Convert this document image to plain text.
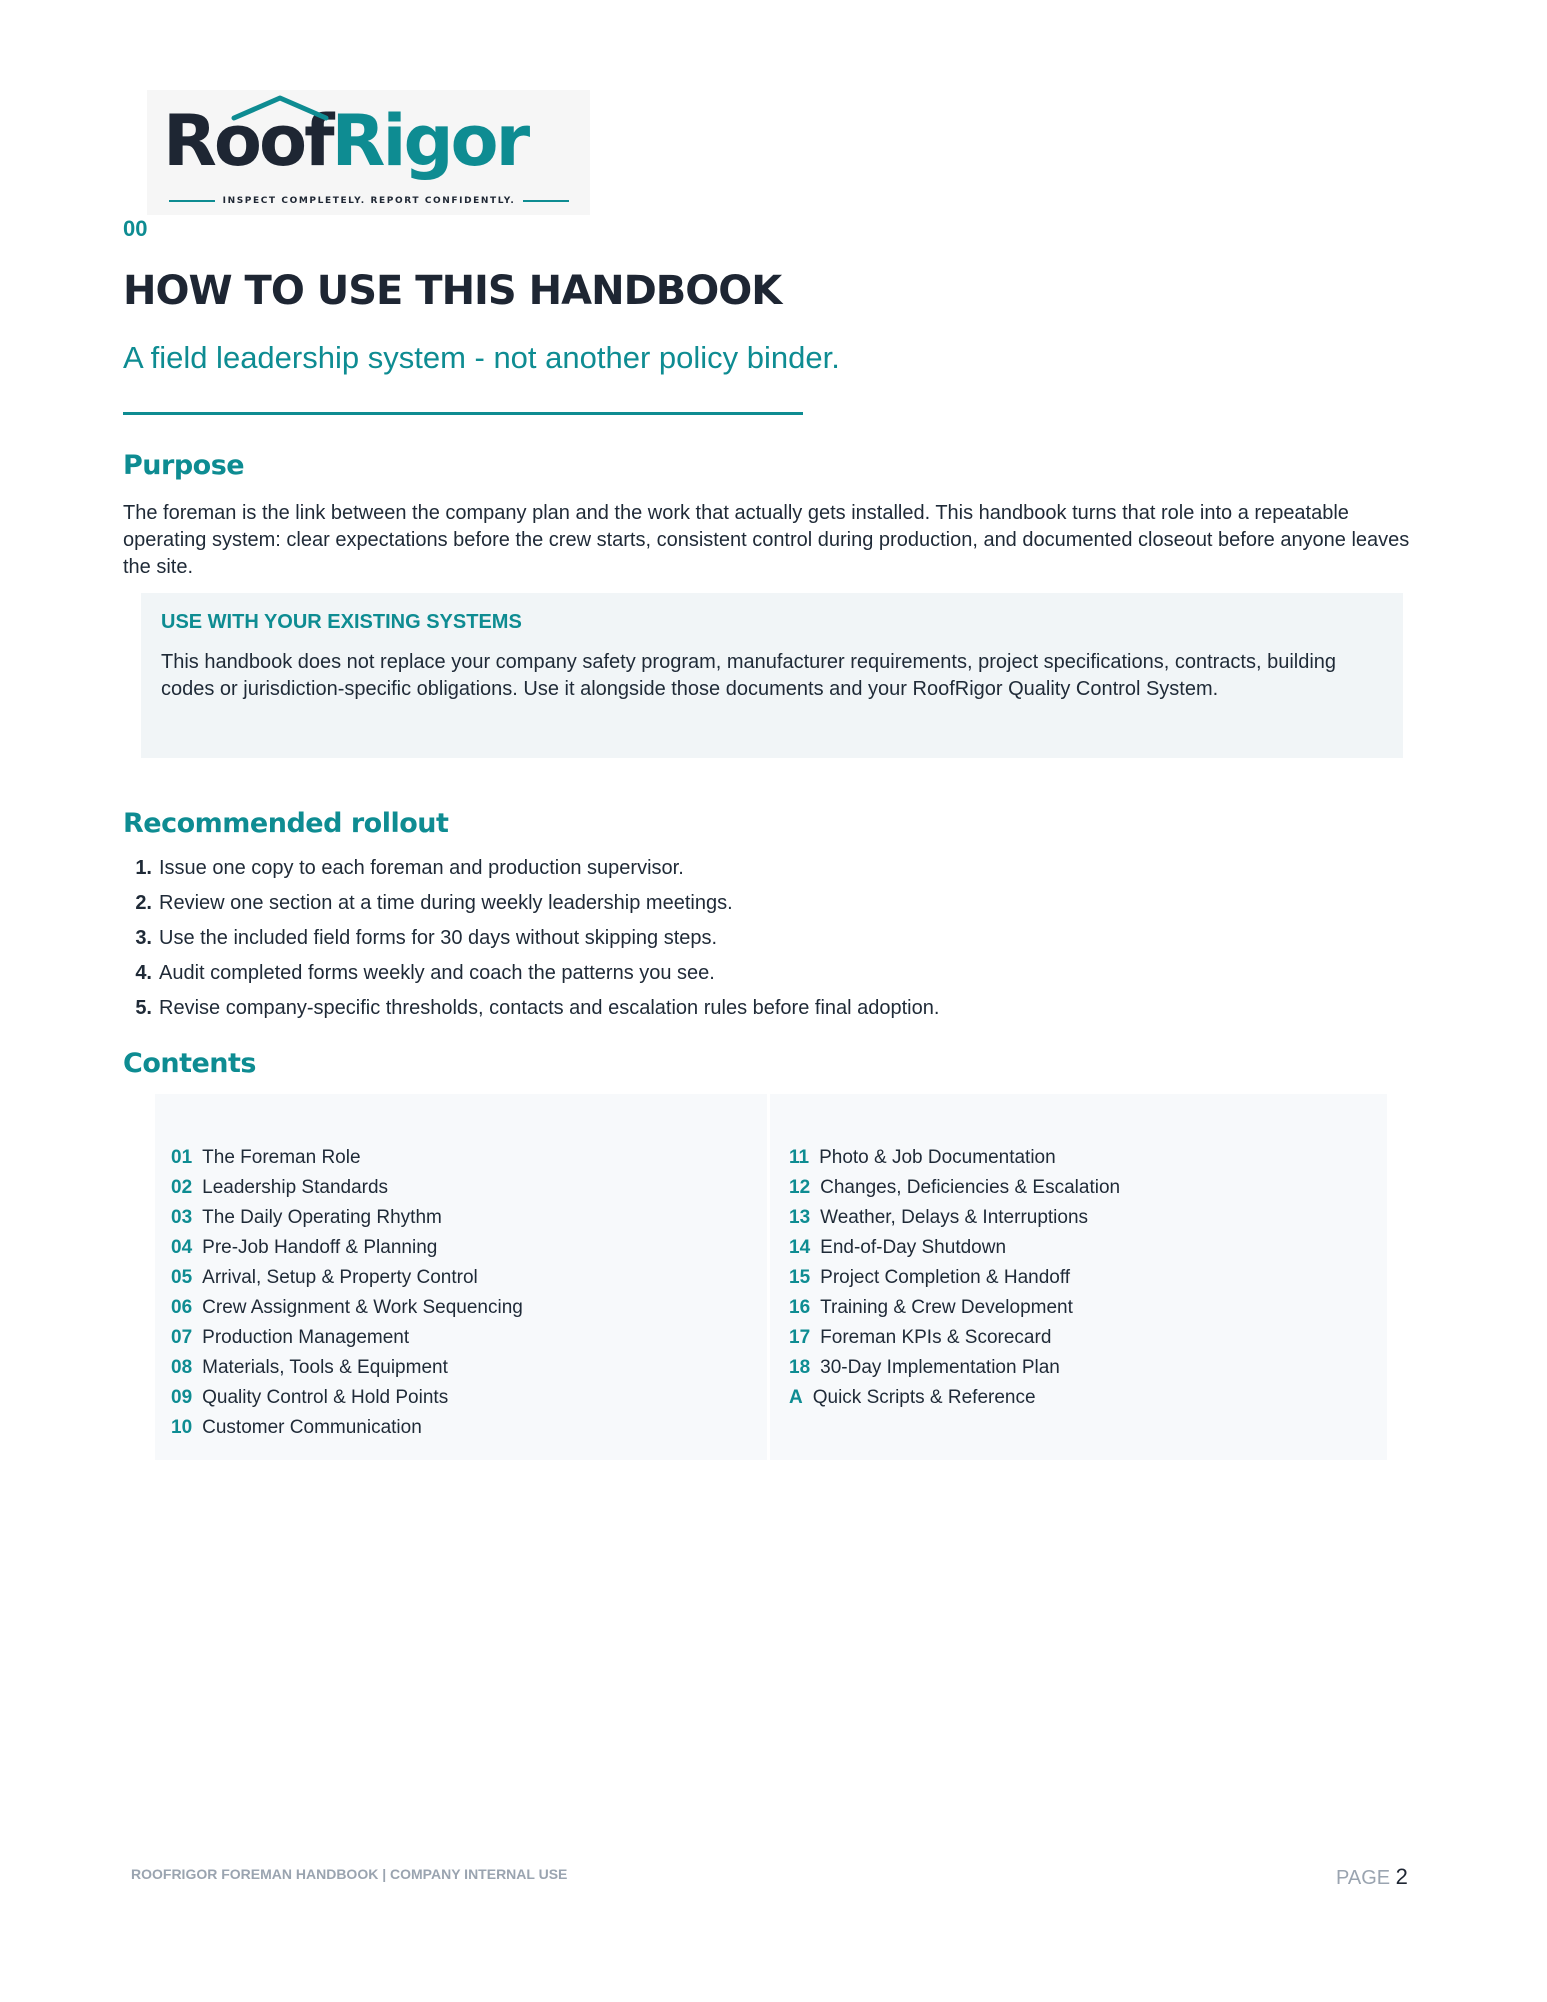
RoofRigor
INSPECT COMPLETELY. REPORT CONFIDENTLY.
00
HOW TO USE THIS HANDBOOK
A field leadership system - not another policy binder.
Purpose

The foreman is the link between the company plan and the work that actually gets installed. This handbook turns that role into a repeatable operating system: clear expectations before the crew starts, consistent control during production, and documented closeout before anyone leaves the site.

USE WITH YOUR EXISTING SYSTEMS

This handbook does not replace your company safety program, manufacturer requirements, project specifications, contracts, building codes or jurisdiction-specific obligations. Use it alongside those documents and your RoofRigor Quality Control System.

Recommended rollout
1. Issue one copy to each foreman and production supervisor.
2. Review one section at a time during weekly leadership meetings.
3. Use the included field forms for 30 days without skipping steps.
4. Audit completed forms weekly and coach the patterns you see.
5. Revise company-specific thresholds, contacts and escalation rules before final adoption.
Contents
01 The Foreman Role
02 Leadership Standards
03 The Daily Operating Rhythm
04 Pre-Job Handoff & Planning
05 Arrival, Setup & Property Control
06 Crew Assignment & Work Sequencing
07 Production Management
08 Materials, Tools & Equipment
09 Quality Control & Hold Points
10 Customer Communication
11 Photo & Job Documentation
12 Changes, Deficiencies & Escalation
13 Weather, Delays & Interruptions
14 End-of-Day Shutdown
15 Project Completion & Handoff
16 Training & Crew Development
17 Foreman KPIs & Scorecard
18 30-Day Implementation Plan
A Quick Scripts & Reference
ROOFRIGOR FOREMAN HANDBOOK | COMPANY INTERNAL USE	PAGE 2
